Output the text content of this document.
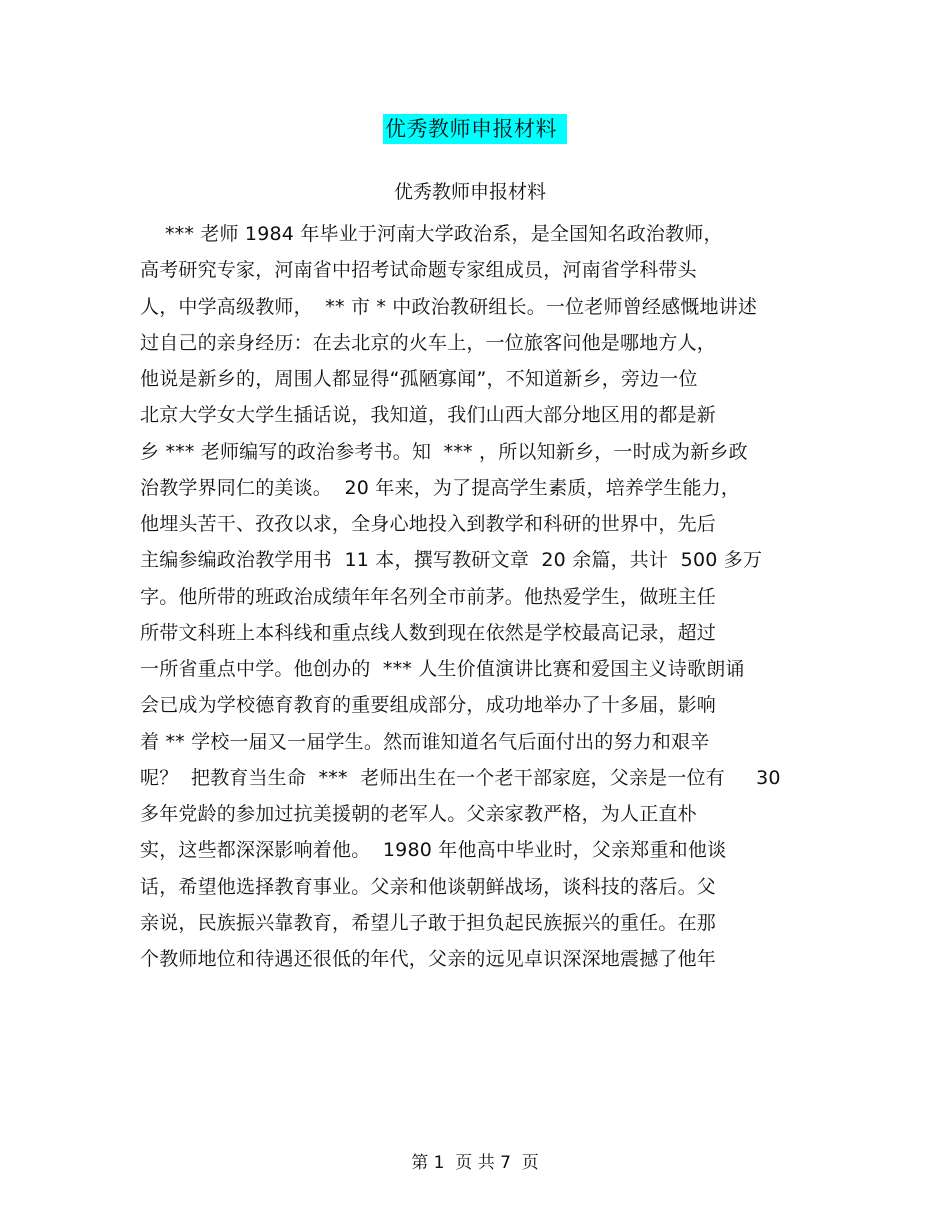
优秀教师申报材料
优秀教师申报材料
*** 老师 1984 年毕业于河南大学政治系，是全国知名政治教师，
高考研究专家，河南省中招考试命题专家组成员，河南省学科带头
人，中学高级教师，  ** 市 * 中政治教研组长。一位老师曾经感慨地讲述
过自己的亲身经历：在去北京的火车上，一位旅客问他是哪地方人，
他说是新乡的，周围人都显得“孤陋寡闻”，不知道新乡，旁边一位
北京大学女大学生插话说，我知道，我们山西大部分地区用的都是新
乡 *** 老师编写的政治参考书。知  *** ，所以知新乡，一时成为新乡政
治教学界同仁的美谈。  20 年来，为了提高学生素质，培养学生能力，
他埋头苦干、孜孜以求，全身心地投入到教学和科研的世界中，先后
主编参编政治教学用书  11 本，撰写教研文章  20 余篇，共计  500 多万
字。他所带的班政治成绩年年名列全市前茅。他热爱学生，做班主任
所带文科班上本科线和重点线人数到现在依然是学校最高记录，超过
一所省重点中学。他创办的  *** 人生价值演讲比赛和爱国主义诗歌朗诵
会已成为学校德育教育的重要组成部分，成功地举办了十多届，影响
着 ** 学校一届又一届学生。然而谁知道名气后面付出的努力和艰辛
呢？  把教育当生命  ***  老师出生在一个老干部家庭，父亲是一位有     30
多年党龄的参加过抗美援朝的老军人。父亲家教严格，为人正直朴
实，这些都深深影响着他。  1980 年他高中毕业时，父亲郑重和他谈
话，希望他选择教育事业。父亲和他谈朝鲜战场，谈科技的落后。父
亲说，民族振兴靠教育，希望儿子敢于担负起民族振兴的重任。在那
个教师地位和待遇还很低的年代，父亲的远见卓识深深地震撼了他年
第 1  页 共 7  页
